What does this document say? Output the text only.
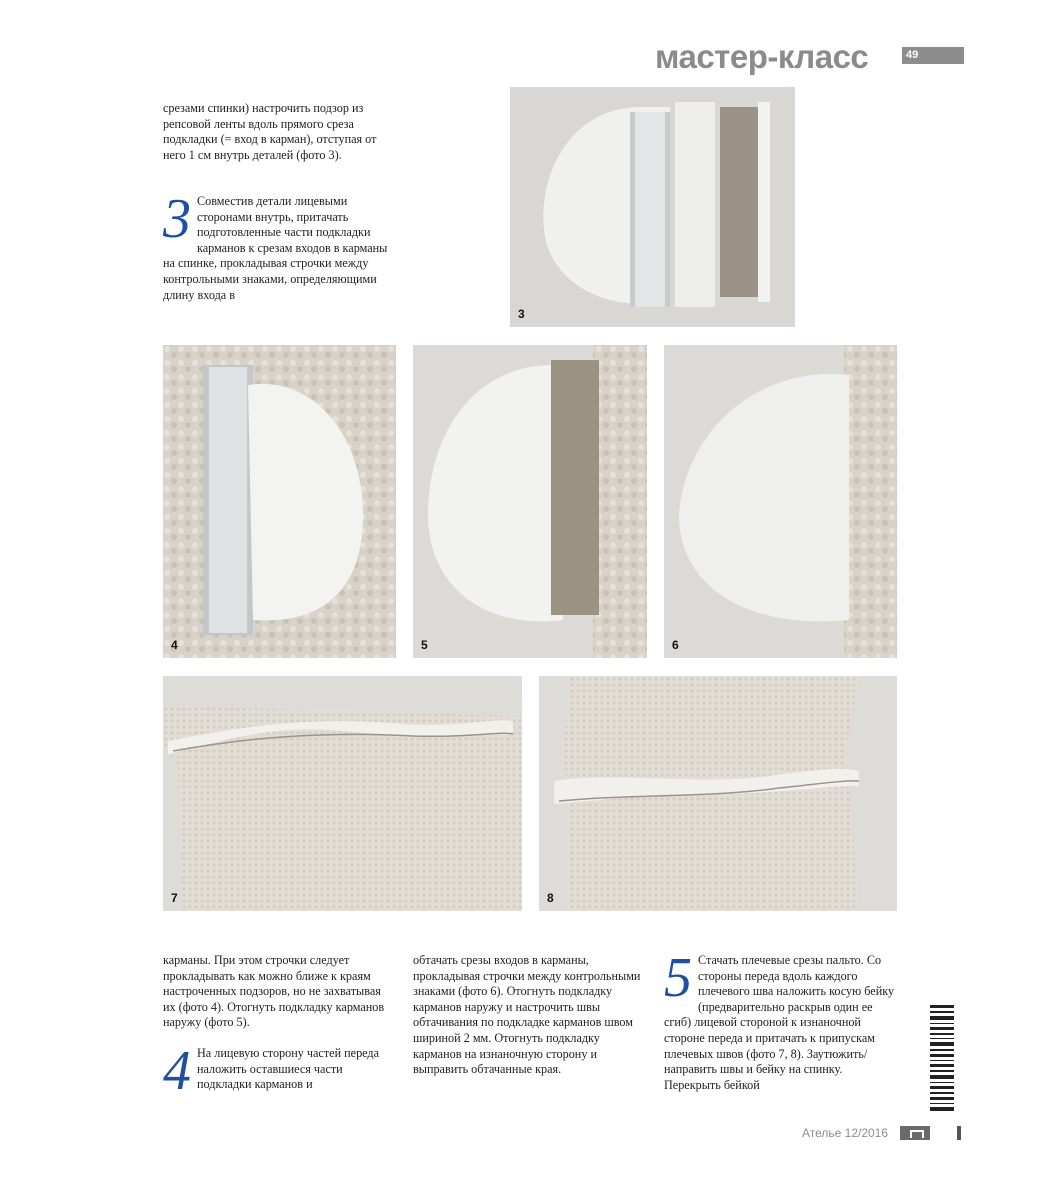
мастер-класс	49

срезами спинки) настрочить подзор из репсовой ленты вдоль прямого среза подкладки (= вход в карман), отступая от него 1 см внутрь деталей (фото 3).

3 Совместив детали лицевыми сторонами внутрь, притачать подготовленные части подкладки карманов к срезам входов в карманы на спинке, прокладывая строчки между контрольными знаками, определяющими длину входа в
3
4	5	6
7	8

карманы. При этом строчки следует прокладывать как можно ближе к краям настроченных подзоров, но не захватывая их (фото 4). Отогнуть подкладку карманов наружу (фото 5).

4 На лицевую сторону частей переда наложить оставшиеся части подкладки карманов и

обтачать срезы входов в карманы, прокладывая строчки между контрольными знаками (фото 6). Отогнуть подкладку карманов наружу и настрочить швы обтачивания по подкладке карманов швом шириной 2 мм. Отогнуть подкладку карманов на изнаночную сторону и выправить обтачанные края.

5 Стачать плечевые срезы пальто. Со стороны переда вдоль каждого плечевого шва наложить косую бейку (предварительно раскрыв один ее сгиб) лицевой стороной к изнаночной стороне переда и притачать к припускам плечевых швов (фото 7, 8). Заутюжить/направить швы и бейку на спинку. Перекрыть бейкой
Ателье 12/2016
